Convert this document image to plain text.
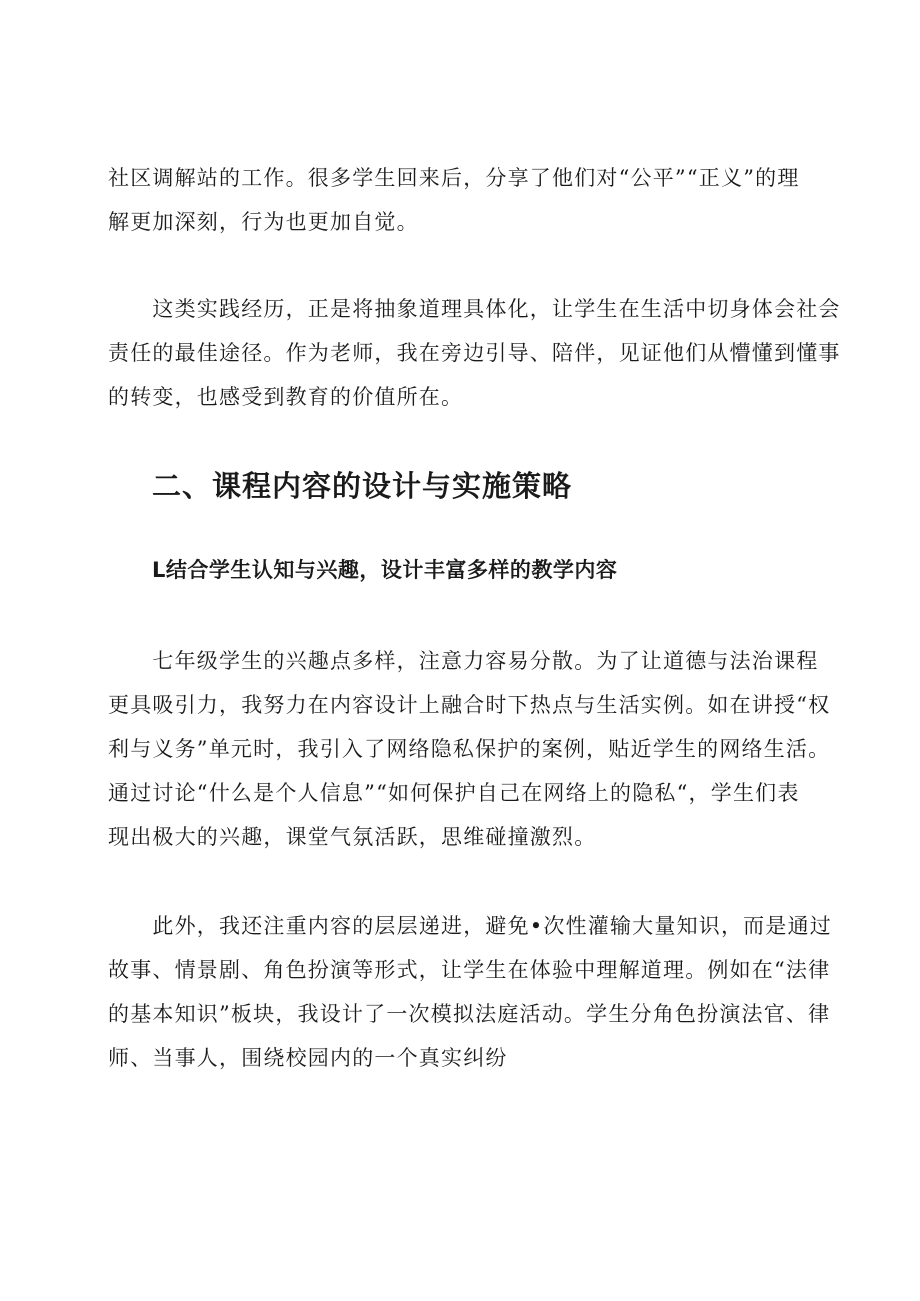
社区调解站的工作。很多学生回来后，分享了他们对“公平”“正义”的理
解更加深刻，行为也更加自觉。
　　这类实践经历，正是将抽象道理具体化，让学生在生活中切身体会社会
责任的最佳途径。作为老师，我在旁边引导、陪伴，见证他们从懵懂到懂事
的转变，也感受到教育的价值所在。
二、课程内容的设计与实施策略
L结合学生认知与兴趣，设计丰富多样的教学内容
　　七年级学生的兴趣点多样，注意力容易分散。为了让道德与法治课程
更具吸引力，我努力在内容设计上融合时下热点与生活实例。如在讲授“权
利与义务”单元时，我引入了网络隐私保护的案例，贴近学生的网络生活。
通过讨论“什么是个人信息”“如何保护自己在网络上的隐私“，学生们表
现出极大的兴趣，课堂气氛活跃，思维碰撞激烈。
　　此外，我还注重内容的层层递进，避免•次性灌输大量知识，而是通过
故事、情景剧、角色扮演等形式，让学生在体验中理解道理。例如在“法律
的基本知识”板块，我设计了一次模拟法庭活动。学生分角色扮演法官、律
师、当事人，围绕校园内的一个真实纠纷
